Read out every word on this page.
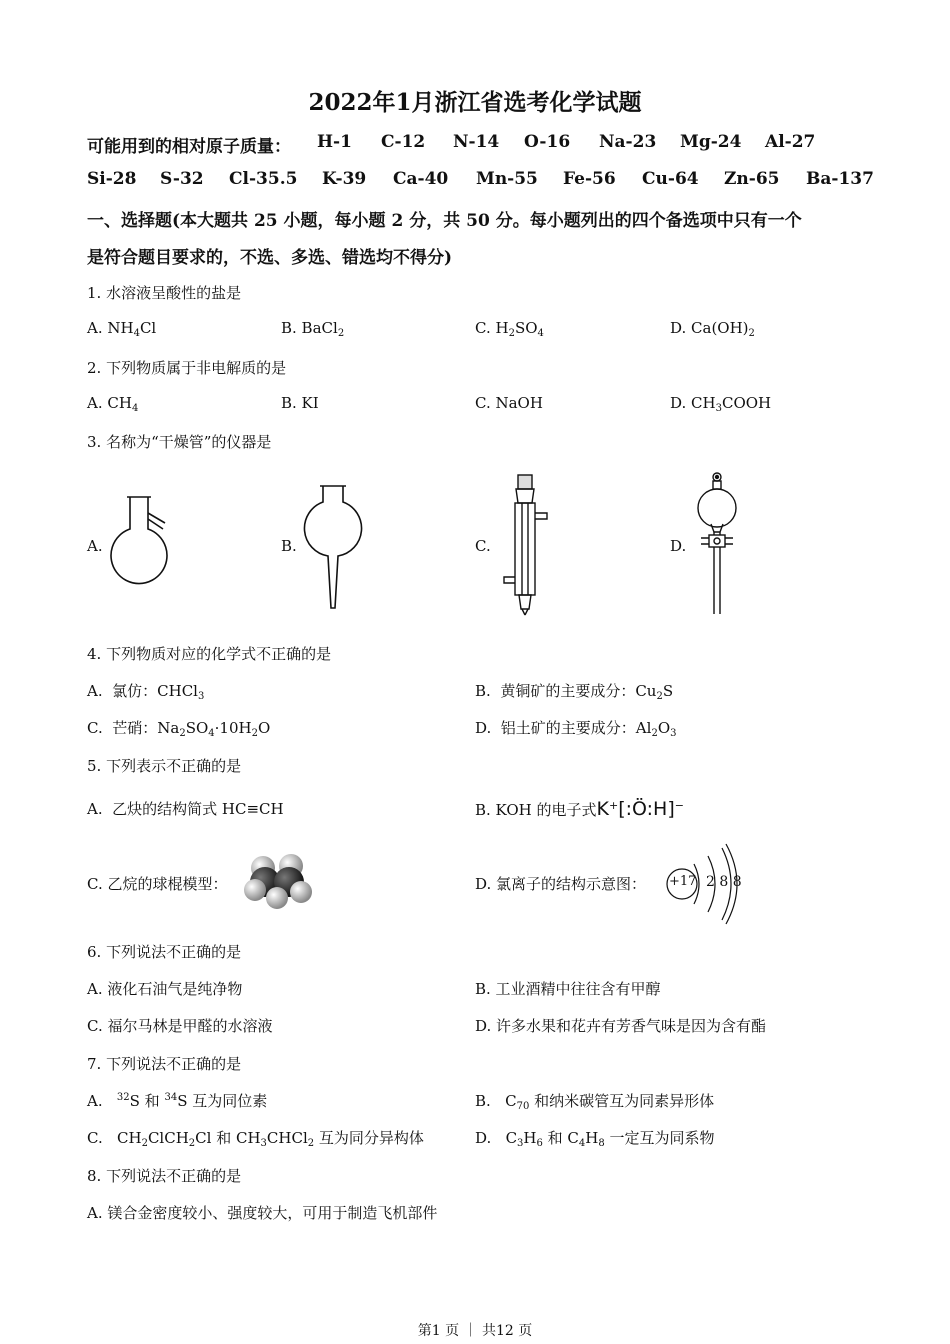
2022年1月浙江省选考化学试题
可能用到的相对原子质量： H-1 C-12 N-14 O-16 Na-23 Mg-24 Al-27
Si-28 S-32 Cl-35.5 K-39 Ca-40 Mn-55 Fe-56 Cu-64 Zn-65 Ba-137
一、选择题(本大题共 25 小题，每小题 2 分，共 50 分。每小题列出的四个备选项中只有一个
是符合题目要求的，不选、多选、错选均不得分)
1. 水溶液呈酸性的盐是
A. $NH_4Cl$	B. BaCl$_2$	C. $H_2SO_4$	D. $Ca(OH)_2$
2. 下列物质属于非电解质的是
A. $CH_4$	B. KI	C. NaOH	D. $CH_3COOH$
3. 名称为“干燥管”的仪器是
A.	B.	C.	D.
4. 下列物质对应的化学式不正确的是
A.  氯仿：CHCl$_3$	B.  黄铜矿的主要成分：$Cu_2S$
C.  芒硝：$Na_2SO_4\cdot 10H_2O$	D.  铝土矿的主要成分：$Al_2O_3$
5. 下列表示不正确的是
A.  乙炔的结构简式 HC≡CH	B. KOH 的电子式K+[:Ö:H]−
C. 乙烷的球棍模型：	D. 氯离子的结构示意图： +17 2 8 8
6. 下列说法不正确的是
A. 液化石油气是纯净物	B. 工业酒精中往往含有甲醇
C. 福尔马林是甲醛的水溶液	D. 许多水果和花卉有芳香气味是因为含有酯
7. 下列说法不正确的是
A.   $^{32}$S 和 $^{34}$S 互为同位素	B.   $C_{70}$ 和纳米碳管互为同素异形体
C.   $CH_2ClCH_2Cl$ 和 $CH_3CHCl_2$ 互为同分异构体	D.   $C_3H_6$ 和 $C_4H_8$ 一定互为同系物
8. 下列说法不正确的是
A. 镁合金密度较小、强度较大，可用于制造飞机部件
第1 页 ｜ 共12 页
